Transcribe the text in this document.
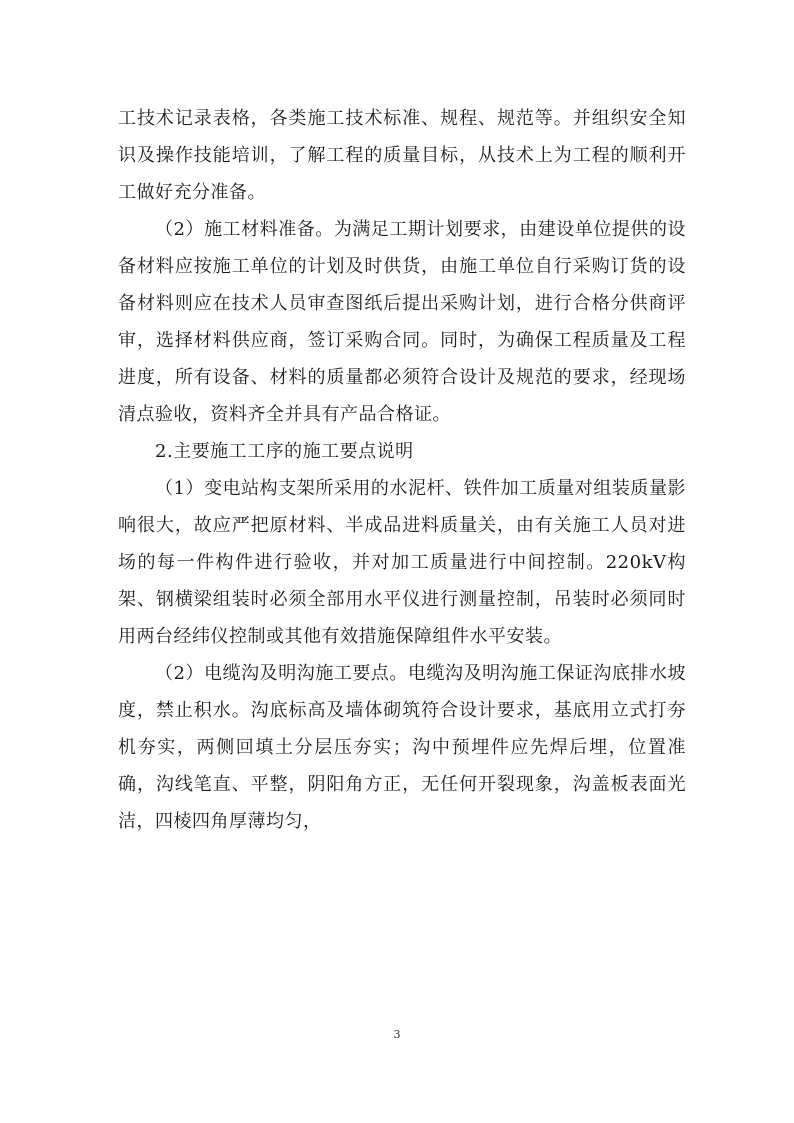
工技术记录表格，各类施工技术标准、规程、规范等。并组织安全知识及操作技能培训，了解工程的质量目标，从技术上为工程的顺利开工做好充分准备。

（2）施工材料准备。为满足工期计划要求，由建设单位提供的设备材料应按施工单位的计划及时供货，由施工单位自行采购订货的设备材料则应在技术人员审查图纸后提出采购计划，进行合格分供商评审，选择材料供应商，签订采购合同。同时，为确保工程质量及工程进度，所有设备、材料的质量都必须符合设计及规范的要求，经现场清点验收，资料齐全并具有产品合格证。

2.主要施工工序的施工要点说明

（1）变电站构支架所采用的水泥杆、铁件加工质量对组装质量影响很大，故应严把原材料、半成品进料质量关，由有关施工人员对进场的每一件构件进行验收，并对加工质量进行中间控制。220kV构架、钢横梁组装时必须全部用水平仪进行测量控制，吊装时必须同时用两台经纬仪控制或其他有效措施保障组件水平安装。

（2）电缆沟及明沟施工要点。电缆沟及明沟施工保证沟底排水坡度，禁止积水。沟底标高及墙体砌筑符合设计要求，基底用立式打夯机夯实，两侧回填土分层压夯实；沟中预埋件应先焊后埋，位置准确，沟线笔直、平整，阴阳角方正，无任何开裂现象，沟盖板表面光洁，四棱四角厚薄均匀，

3
